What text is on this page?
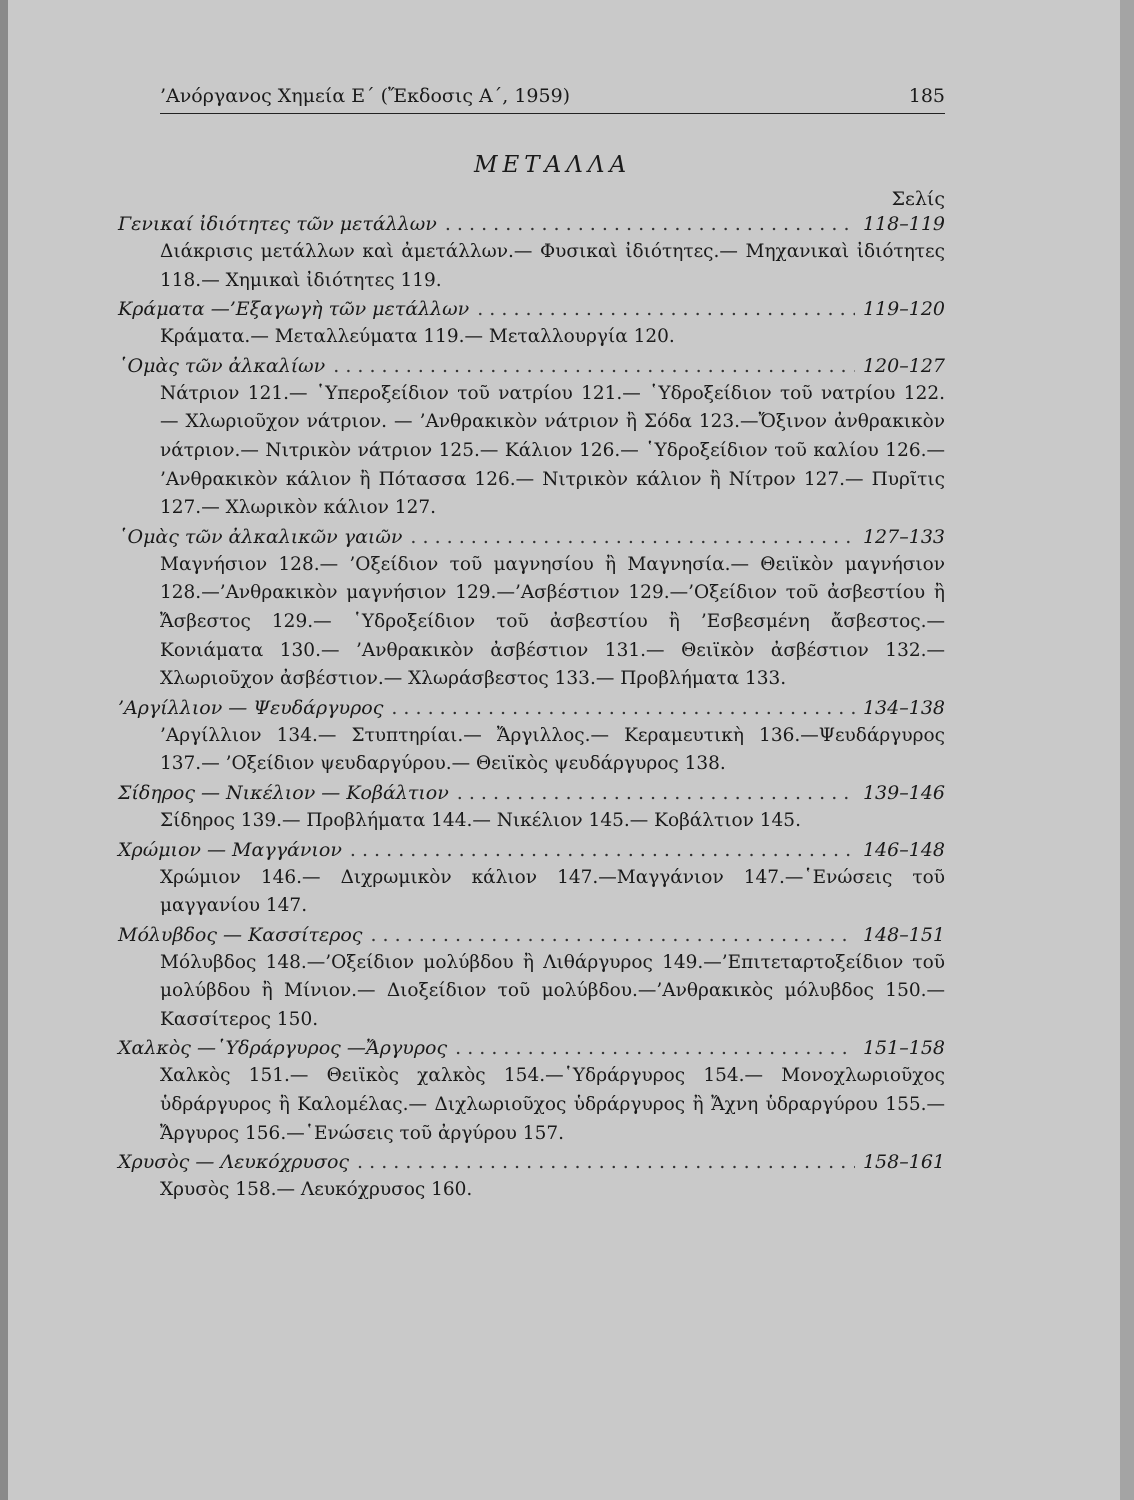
’Ανόργανος Χημεία Ε΄ (Ἔκδοσις Α΄, 1959)	185
ΜΕΤΑΛΛΑ
Σελίς
Γενικαί ἰδιότητες τῶν μετάλλων . . .	118–119

Διάκρισις μετάλλων καὶ ἀμετάλλων.— Φυσικαὶ ἰδιότητες.— Μηχανικαὶ ἰδιότητες 118.— Χημικαὶ ἰδιότητες 119.

Κράματα —’Εξαγωγὴ τῶν μετάλλων . . .	119–120

Κράματα.— Μεταλλεύματα 119.— Μεταλλουργία 120.

῾Ομὰς τῶν ἀλκαλίων . . .	120–127

Νάτριον 121.— ῾Υπεροξείδιον τοῦ νατρίου 121.— ῾Υδροξείδιον τοῦ νατρίου 122. — Χλωριοῦχον νάτριον. — ’Ανθρακικὸν νάτριον ἢ Σόδα 123.—Ὄξινον ἀνθρακικὸν νάτριον.— Νιτρικὸν νάτριον 125.— Κάλιον 126.— ῾Υδροξείδιον τοῦ καλίου 126.— ’Ανθρακικὸν κάλιον ἢ Πότασσα 126.— Νιτρικὸν κάλιον ἢ Νίτρον 127.— Πυρῖτις 127.— Χλωρικὸν κάλιον 127.

῾Ομὰς τῶν ἀλκαλικῶν γαιῶν . . .	127–133

Μαγνήσιον 128.— ’Οξείδιον τοῦ μαγνησίου ἢ Μαγνησία.— Θειϊκὸν μαγνήσιον 128.—’Ανθρακικὸν μαγνήσιον 129.—’Ασβέστιον 129.—’Οξείδιον τοῦ ἀσβεστίου ἢ Ἄσβεστος 129.— ῾Υδροξείδιον τοῦ ἀσβεστίου ἢ ’Εσβεσμένη ἄσβεστος.— Κονιάματα 130.— ’Ανθρακικὸν ἀσβέστιον 131.— Θειϊκὸν ἀσβέστιον 132.— Χλωριοῦχον ἀσβέστιον.— Χλωράσβεστος 133.— Προβλήματα 133.

’Αργίλλιον — Ψευδάργυρος . . .	134–138

’Αργίλλιον 134.— Στυπτηρίαι.— Ἄργιλλος.— Κεραμευτικὴ 136.—Ψευδάργυρος 137.— ’Οξείδιον ψευδαργύρου.— Θειϊκὸς ψευδάργυρος 138.

Σίδηρος — Νικέλιον — Κοβάλτιον . . .	139–146

Σίδηρος 139.— Προβλήματα 144.— Νικέλιον 145.— Κοβάλτιον 145.

Χρώμιον — Μαγγάνιον . . .	146–148

Χρώμιον 146.— Διχρωμικὸν κάλιον 147.—Μαγγάνιον 147.—῾Ενώσεις τοῦ μαγγανίου 147.

Μόλυβδος — Κασσίτερος . . .	148–151

Μόλυβδος 148.—’Οξείδιον μολύβδου ἢ Λιθάργυρος 149.—’Επιτεταρτοξείδιον τοῦ μολύβδου ἢ Μίνιον.— Διοξείδιον τοῦ μολύβδου.—’Ανθρακικὸς μόλυβδος 150.— Κασσίτερος 150.

Χαλκὸς —῾Υδράργυρος —Ἄργυρος . . .	151–158

Χαλκὸς 151.— Θειϊκὸς χαλκὸς 154.—῾Υδράργυρος 154.— Μονοχλωριοῦχος ὑδράργυρος ἢ Καλομέλας.— Διχλωριοῦχος ὑδράργυρος ἢ Ἄχνη ὑδραργύρου 155.—Ἄργυρος 156.—῾Ενώσεις τοῦ ἀργύρου 157.

Χρυσὸς — Λευκόχρυσος . . .	158–161

Χρυσὸς 158.— Λευκόχρυσος 160.
